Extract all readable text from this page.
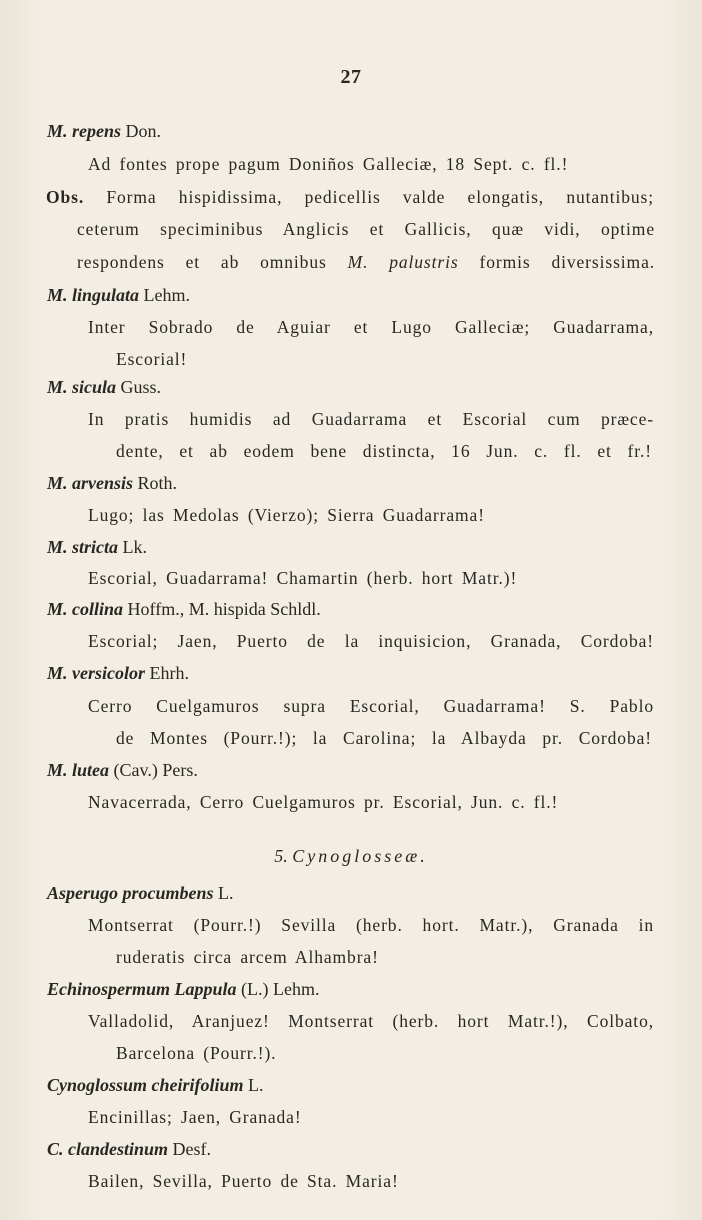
27
M. repens Don.
Ad fontes prope pagum Doniños Galleciæ, 18 Sept. c. fl.!
Obs. Forma hispidissima, pedicellis valde elongatis, nutantibus;
ceterum speciminibus Anglicis et Gallicis, quæ vidi, optime
respondens et ab omnibus M. palustris formis diversissima.
M. lingulata Lehm.
Inter Sobrado de Aguiar et Lugo Galleciæ; Guadarrama,
Escorial!
M. sicula Guss.
In pratis humidis ad Guadarrama et Escorial cum præce-
dente, et ab eodem bene distincta, 16 Jun. c. fl. et fr.!
M. arvensis Roth.
Lugo; las Medolas (Vierzo); Sierra Guadarrama!
M. stricta Lk.
Escorial, Guadarrama! Chamartin (herb. hort Matr.)!
M. collina Hoffm., M. hispida Schldl.
Escorial; Jaen, Puerto de la inquisicion, Granada, Cordoba!
M. versicolor Ehrh.
Cerro Cuelgamuros supra Escorial, Guadarrama! S. Pablo
de Montes (Pourr.!); la Carolina; la Albayda pr. Cordoba!
M. lutea (Cav.) Pers.
Navacerrada, Cerro Cuelgamuros pr. Escorial, Jun. c. fl.!
5. Cynoglosseæ.
Asperugo procumbens L.
Montserrat (Pourr.!) Sevilla (herb. hort. Matr.), Granada in
ruderatis circa arcem Alhambra!
Echinospermum Lappula (L.) Lehm.
Valladolid, Aranjuez! Montserrat (herb. hort Matr.!), Colbato,
Barcelona (Pourr.!).
Cynoglossum cheirifolium L.
Encinillas; Jaen, Granada!
C. clandestinum Desf.
Bailen, Sevilla, Puerto de Sta. Maria!
